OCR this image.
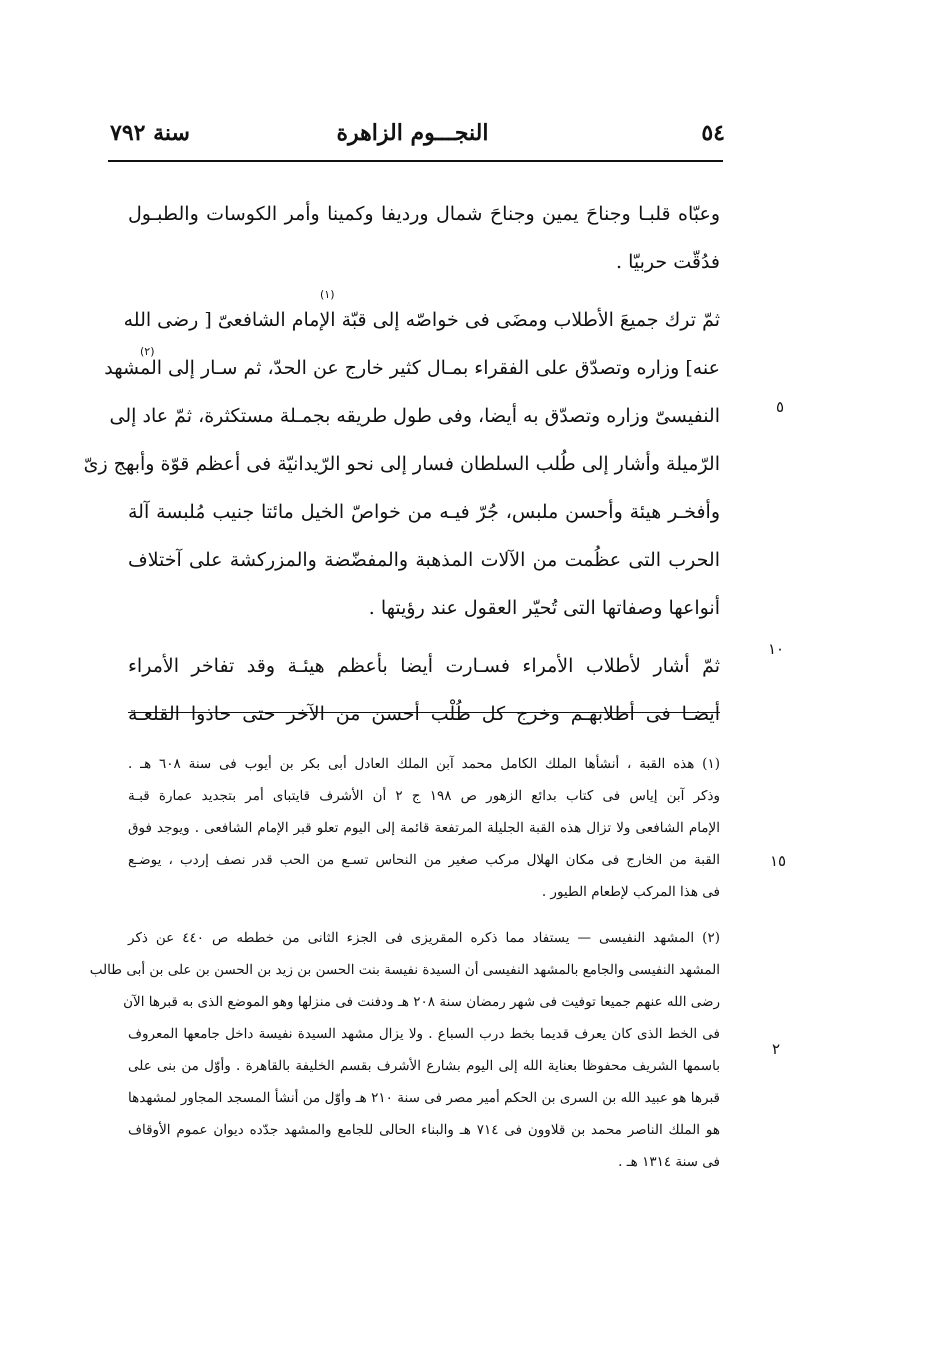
٥٤
النجـــوم الزاهرة
سنة ٧٩٢
وعبّاه قلبـا وجناحَ يمين وجناحَ شمال ورديفا وكمينا وأمر الكوسات والطبـول
فدُقّت حربيّا .
ثمّ ترك جميعَ الأطلاب ومضَى فى خواصّه إلى قبّة الإمام الشافعىّ [ رضى الله
عنه] وزاره وتصدّق على الفقراء بمـال كثير خارج عن الحدّ، ثم سـار إلى المشهد
النفيسىّ وزاره وتصدّق به أيضا، وفى طول طريقه بجمـلة مستكثرة، ثمّ عاد إلى
الرّميلة وأشار إلى طُلب السلطان فسار إلى نحو الرّيدانيّة فى أعظم قوّة وأبهج زىّ
وأفخـر هيئة وأحسن ملبس، جُرّ فيـه من خواصّ الخيل مائتا جنيب مُلبسة آلة
الحرب التى عظُمت من الآلات المذهبة والمفضّضة والمزركشة على آختلاف
أنواعها وصفاتها التى تُحيّر العقول عند رؤيتها .
ثمّ أشار لأطلاب الأمراء فسـارت أيضا بأعظم هيئـة وقد تفاخر الأمراء
أيضـا فى أطلابهـم وخرج كل طُلْب أحسن من الآخر حتى حاذوا القلعـة
(١)
(٢)
٥
١٠
(١) هذه القبة ، أنشأها الملك الكامل محمد آبن الملك العادل أبى بكر بن أيوب فى سنة ٦٠٨ هـ .
وذكر آبن إياس فى كتاب بدائع الزهور ص ١٩٨ ج ٢ أن الأشرف قايتباى أمر بتجديد عمارة قبـة
الإمام الشافعى ولا تزال هذه القبة الجليلة المرتفعة قائمة إلى اليوم تعلو قبر الإمام الشافعى . ويوجد فوق
القبة من الخارج فى مكان الهلال مركب صغير من النحاس تسـع من الحب قدر نصف إردب ، يوضـع
فى هذا المركب لإطعام الطيور .
(٢) المشهد النفيسى — يستفاد مما ذكره المقريزى فى الجزء الثانى من خططه ص ٤٤٠ عن ذكر
المشهد النفيسى والجامع بالمشهد النفيسى أن السيدة نفيسة بنت الحسن بن زيد بن الحسن بن على بن أبى طالب
رضى الله عنهم جميعا توفيت فى شهر رمضان سنة ٢٠٨ هـ ودفنت فى منزلها وهو الموضع الذى به قبرها الآن
فى الخط الذى كان يعرف قديما بخط درب السباع . ولا يزال مشهد السيدة نفيسة داخل جامعها المعروف
باسمها الشريف محفوظا بعناية الله إلى اليوم بشارع الأشرف بقسم الخليفة بالقاهرة . وأوّل من بنى على
قبرها هو عبيد الله بن السرى بن الحكم أمير مصر فى سنة ٢١٠ هـ وأوّل من أنشأ المسجد المجاور لمشهدها
هو الملك الناصر محمد بن قلاوون فى ٧١٤ هـ والبناء الحالى للجامع والمشهد جدّده ديوان عموم الأوقاف
فى سنة ١٣١٤ هـ .
١٥
٢
